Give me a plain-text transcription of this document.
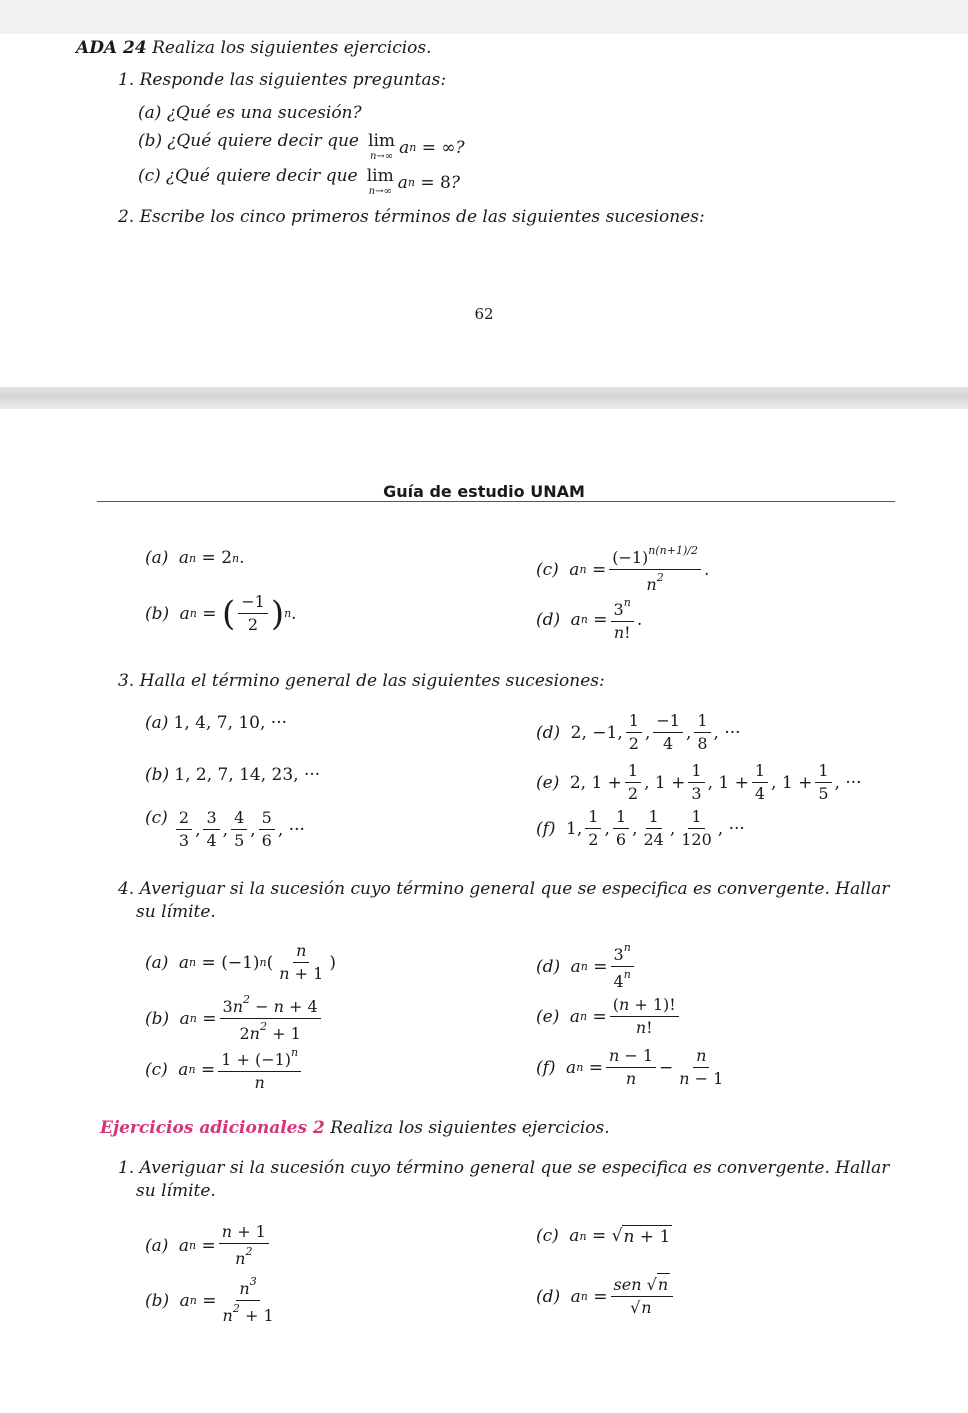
ADA 24 Realiza los siguientes ejercicios.
1. Responde las siguientes preguntas:
(a) ¿Qué es una sucesión?
(b) ¿Qué quiere decir que lim
n→∞ a n
=
∞ ?
(c) ¿Qué quiere decir que lim
n→∞ a n
=
8 ?
2. Escribe los cinco primeros términos de las siguientes sucesiones:
62
Guía de estudio UNAM
(a)  a n
= 2 n .
(b)  a n
=
( $\frac{-1}{2}$ ) n .
(c)  a n
= $\frac{(-1)^{n(n+1)/2}}{n^2}$ .
(d)  a n
= $\frac{3^n}{n!}$ .
3. Halla el término general de las siguientes sucesiones:
(a) 1, 4, 7, 10, ···
(b) 1, 2, 7, 14, 23, ···
$(c) \frac{2}{3}$ , $\frac{3}{4}$ , $\frac{4}{5}$ , $\frac{5}{6}$ , ···
(d)  2, −1, $\frac{1}{2}$ , $\frac{-1}{4}$ , $\frac{1}{8}$ , ···
(e)  2, $1 + \frac{1}{2}$ , $1 + \frac{1}{3}$ , $1 + \frac{1}{4}$ , $1 + \frac{1}{5}$ , ···
(f)  1, $\frac{1}{2}$ , $\frac{1}{6}$ , $\frac{1}{24}$ , $\frac{1}{120}$ , ···
4. Averiguar si la sucesión cuyo término general que se especifica es convergente. Hallar
su límite.
(a)  a n
= (−1) n ( $\frac{n}{n + 1}$ )
(b)  a n
= $\frac{3n^2 - n + 4}{2n^2 + 1}$
(c)  a n
= $\frac{1 + (-1)^n}{n}$
(d)  a n
= $\frac{3^n}{4^n}$
(e)  a n
= $\frac{(n + 1)!}{n!}$
(f)  a n
= $\frac{n - 1}{n} - \frac{n}{n - 1}$
Ejercicios adicionales 2 Realiza los siguientes ejercicios.
1. Averiguar si la sucesión cuyo término general que se especifica es convergente. Hallar
su límite.
(a)  a n
= $\frac{n + 1}{n^2}$
(b)  a n
= $\frac{n^3}{n^2 + 1}$
(c)  a n
=
√ n + 1
(d)  a n
= $\frac{\text{sen √n}}{√n}$
